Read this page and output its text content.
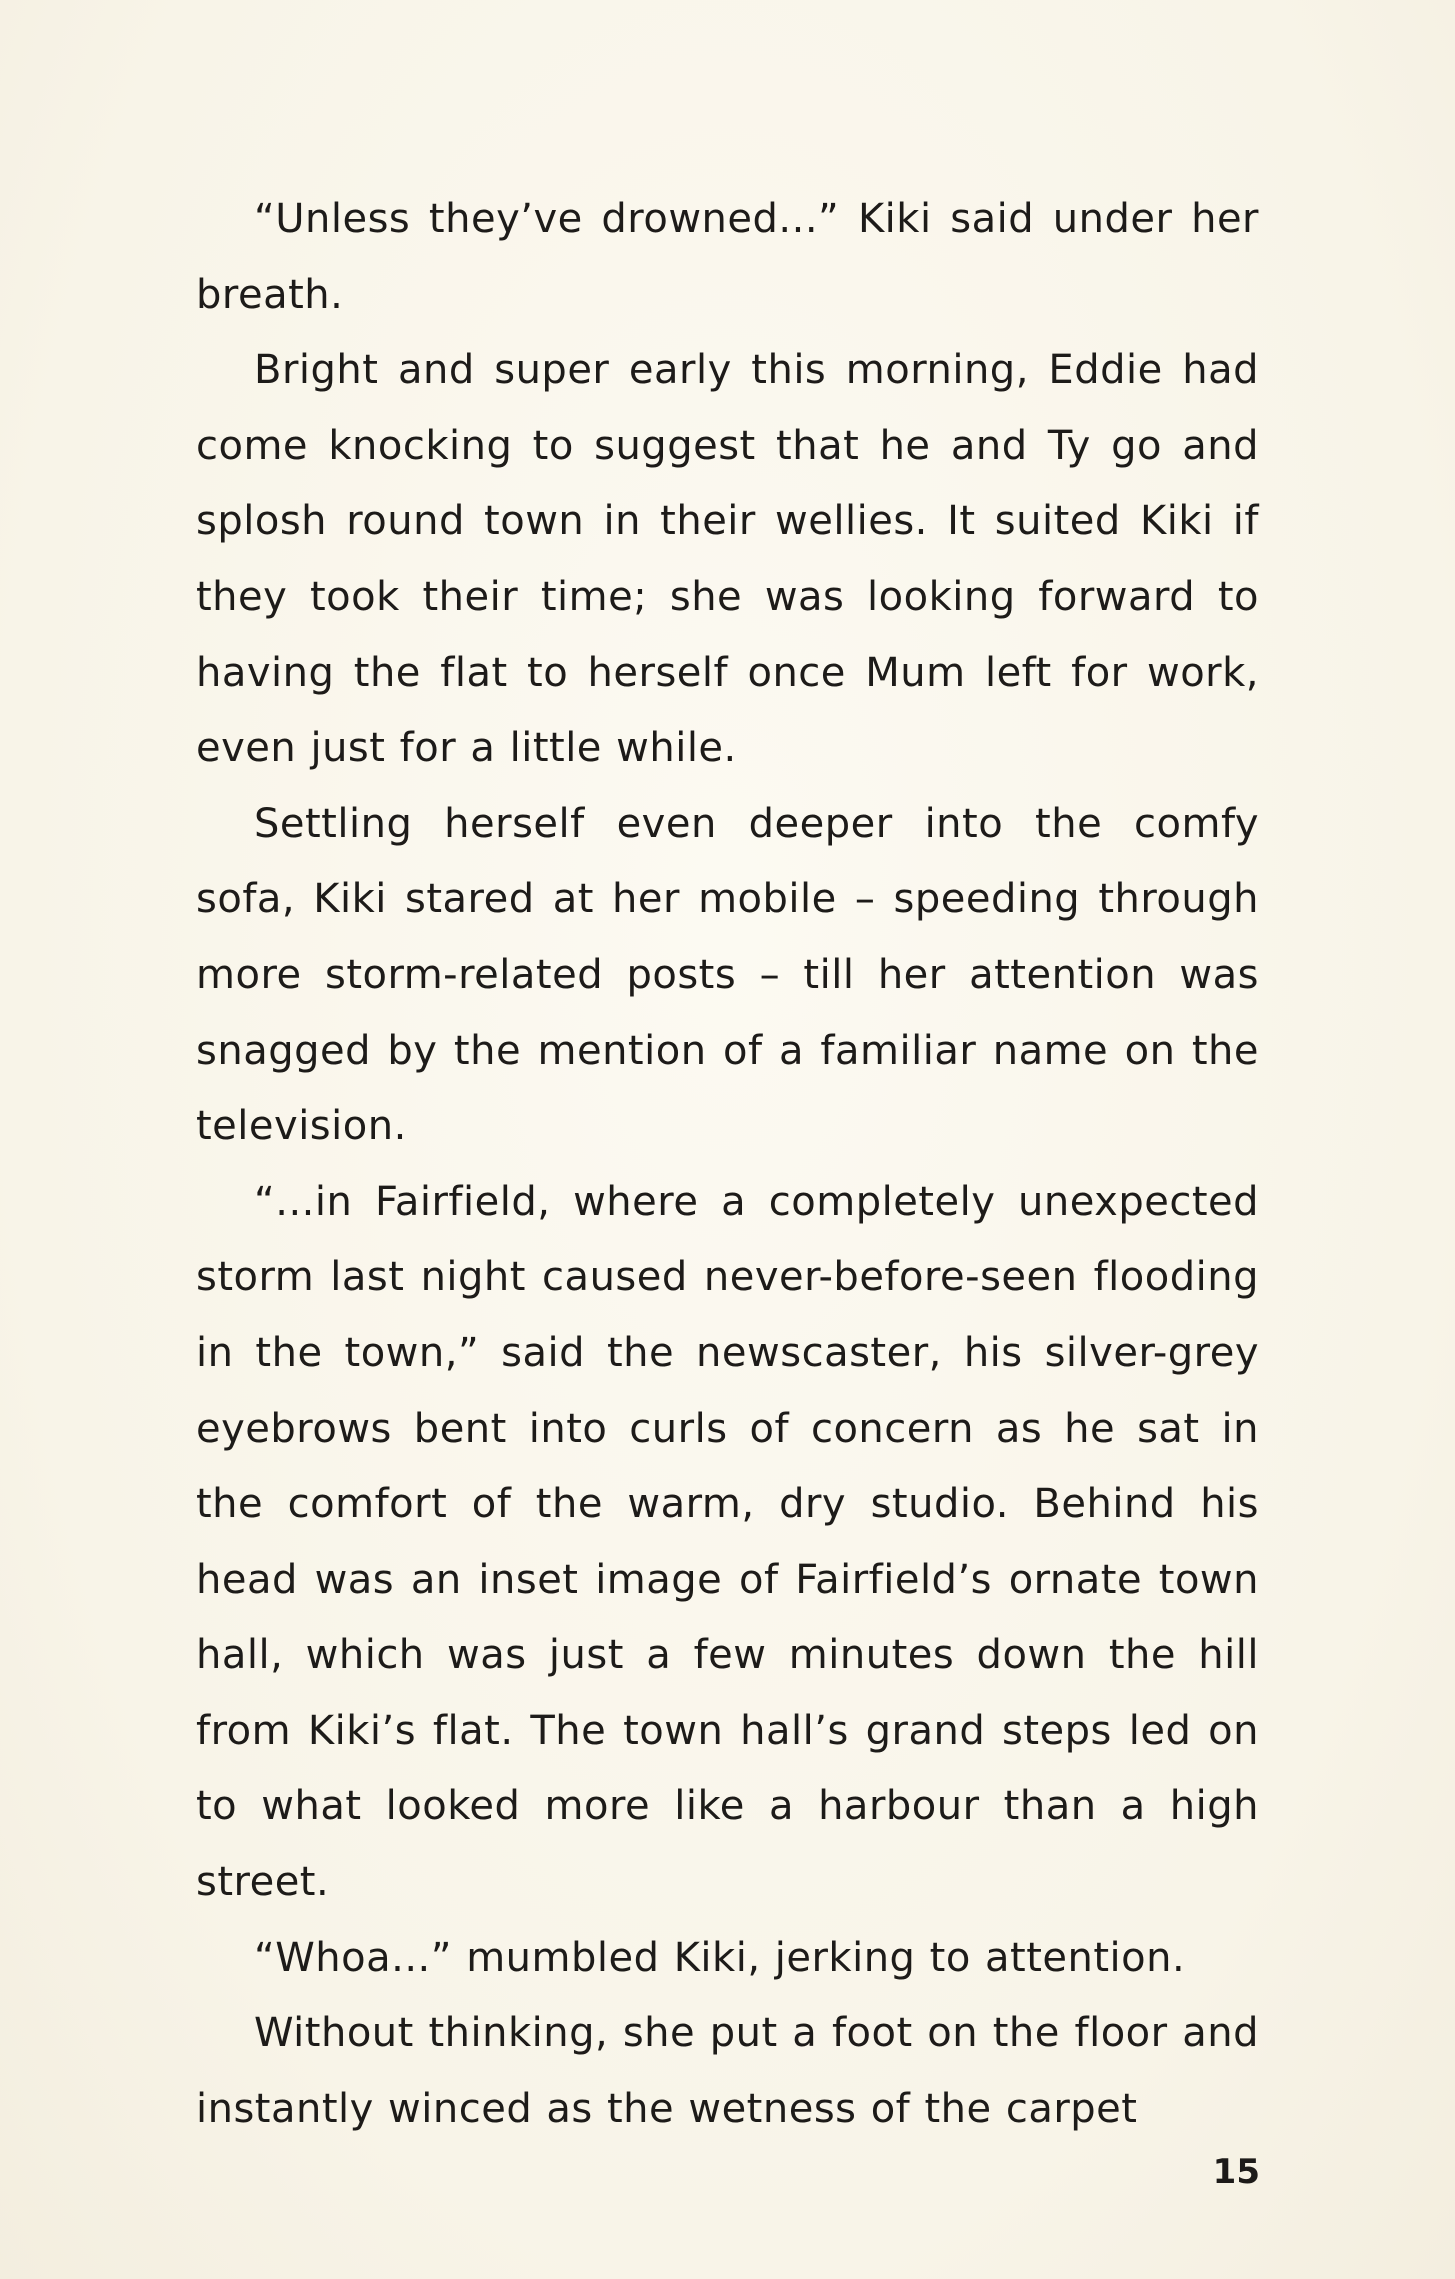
“Unless they’ve drowned...” Kiki said under her breath.

Bright and super early this morning, Eddie had come knocking to suggest that he and Ty go and splosh round town in their wellies. It suited Kiki if they took their time; she was looking forward to having the flat to herself once Mum left for work, even just for a little while.

Settling herself even deeper into the comfy sofa, Kiki stared at her mobile – speeding through more storm-related posts – till her attention was snagged by the mention of a familiar name on the television.

“...in Fairfield, where a completely unexpected storm last night caused never-before-seen flooding in the town,” said the newscaster, his silver-grey eyebrows bent into curls of concern as he sat in the comfort of the warm, dry studio. Behind his head was an inset image of Fairfield’s ornate town hall, which was just a few minutes down the hill from Kiki’s flat. The town hall’s grand steps led on to what looked more like a harbour than a high street.

“Whoa...” mumbled Kiki, jerking to attention.

Without thinking, she put a foot on the floor and instantly winced as the wetness of the carpet

15
